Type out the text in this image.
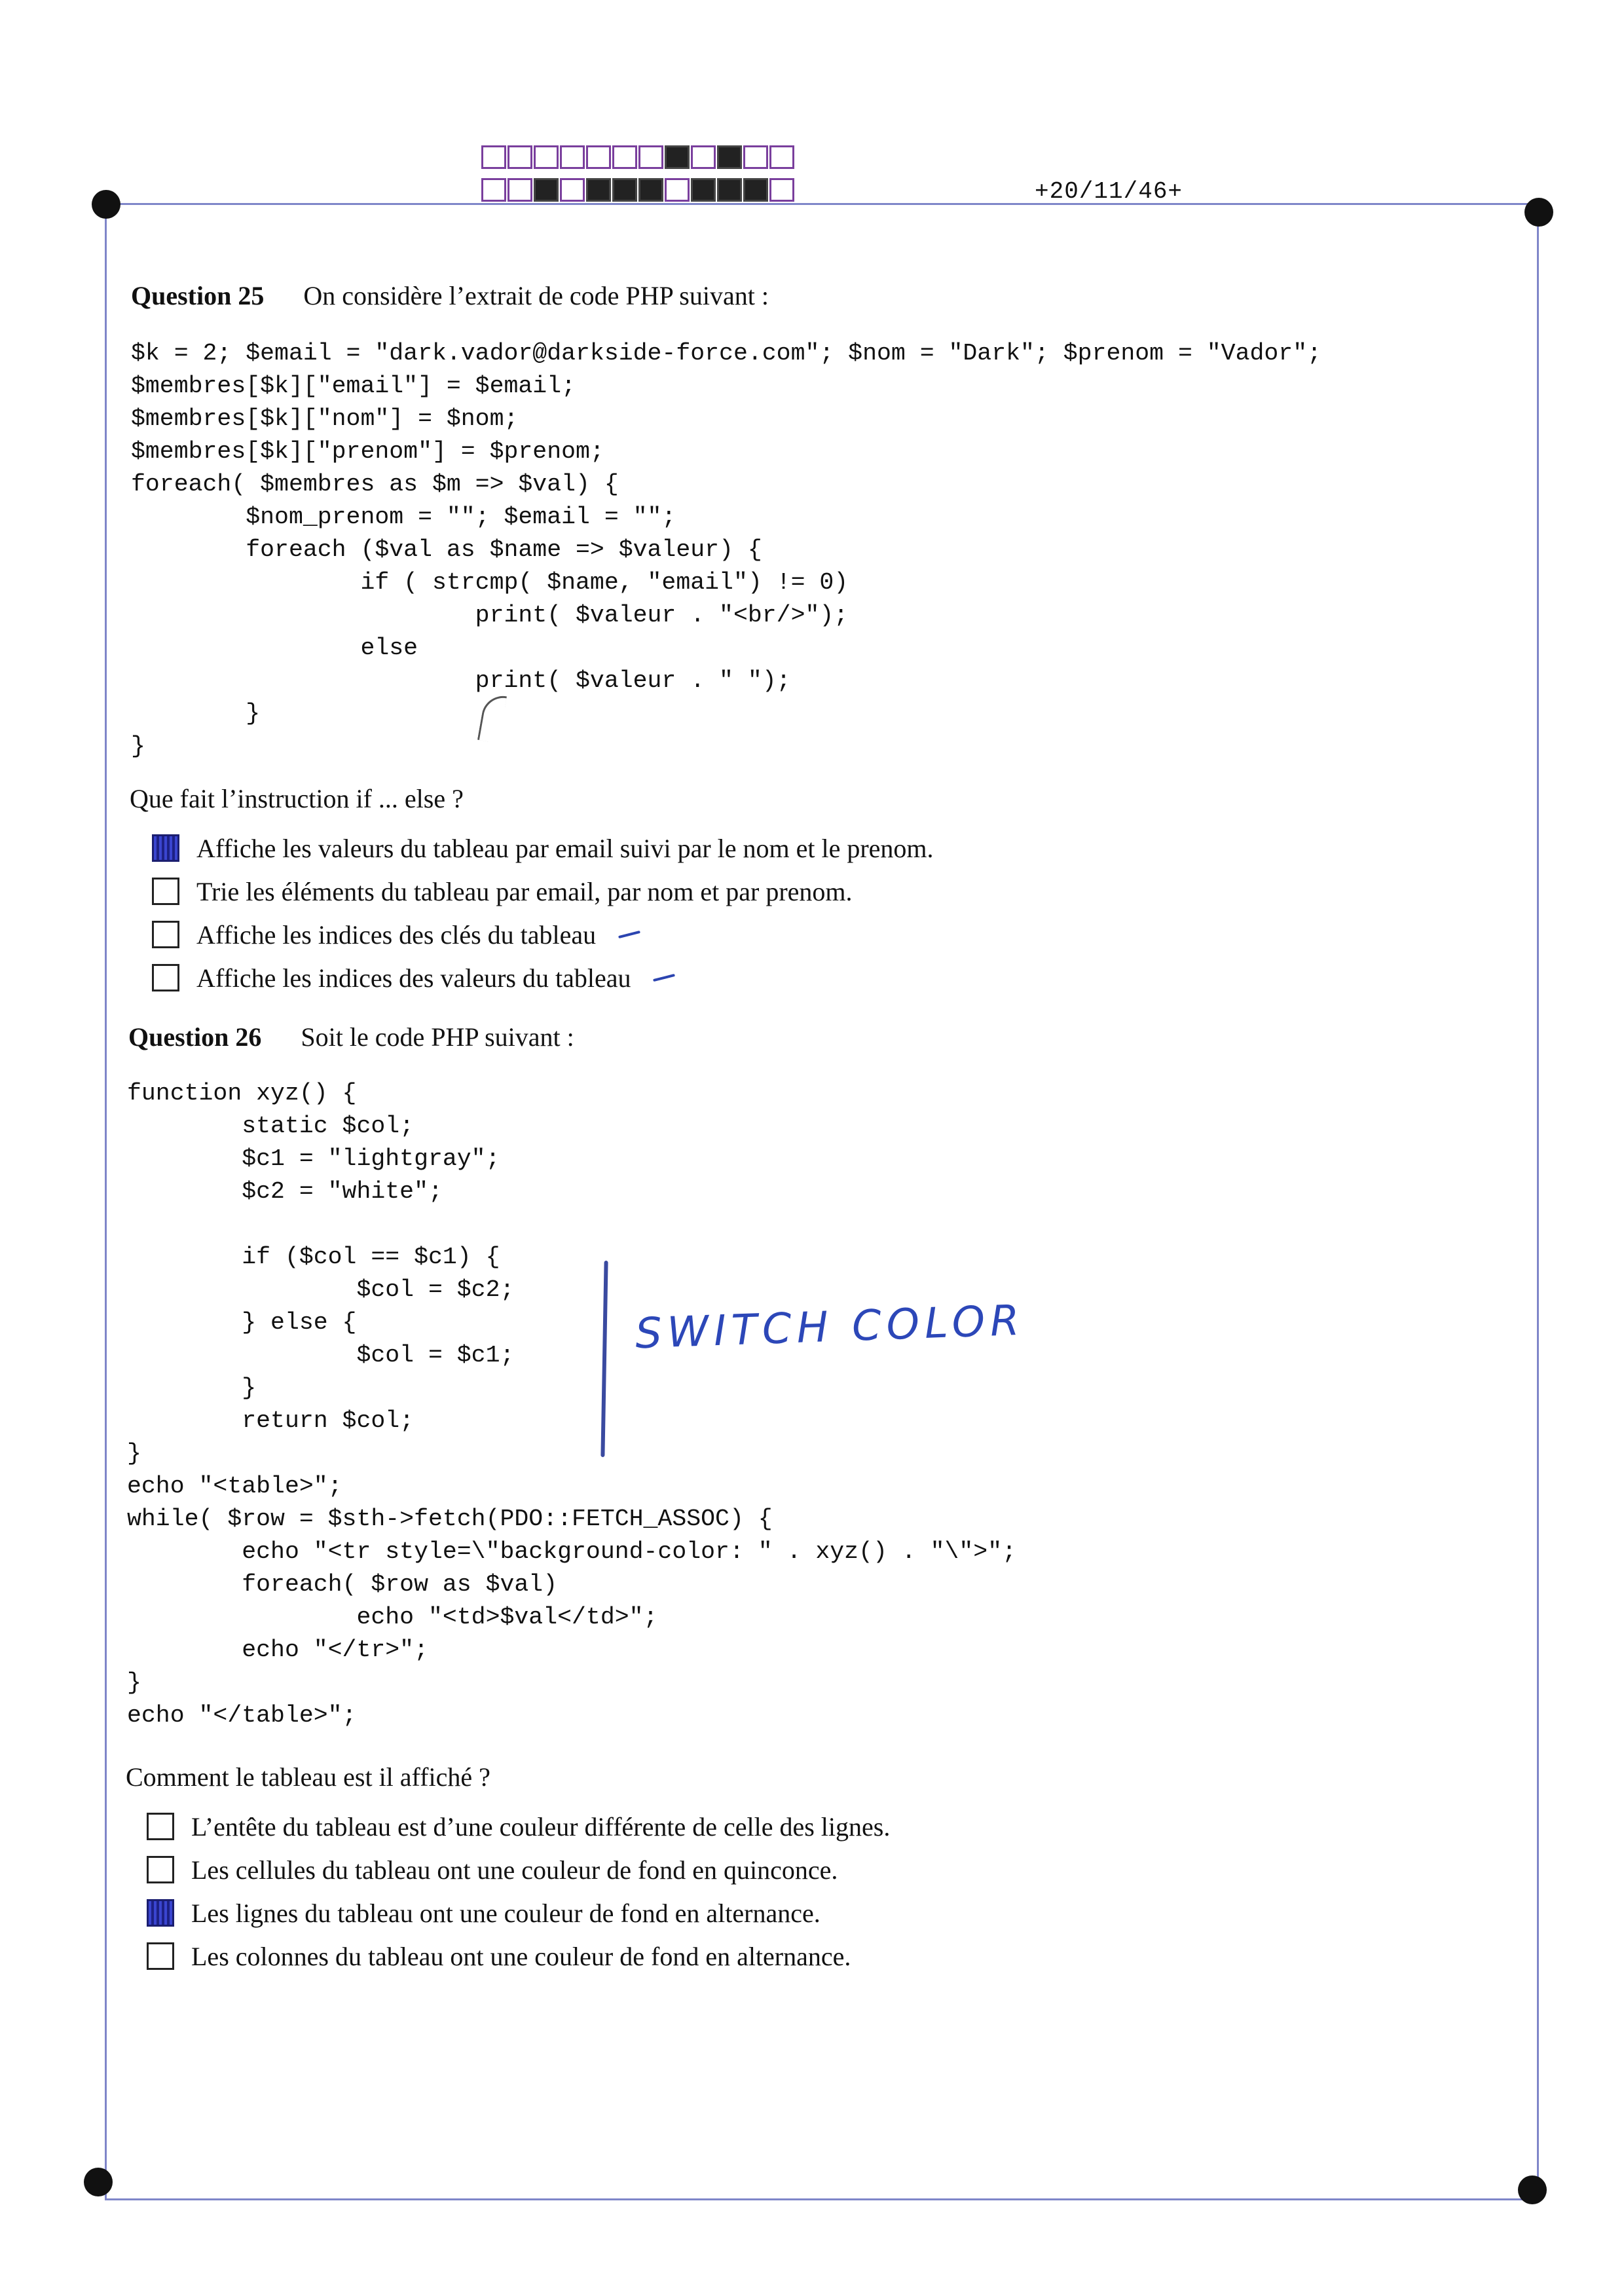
+20/11/46+
Question 25 On considère l’extrait de code PHP suivant :
$k = 2; $email = "dark.vador@darkside-force.com"; $nom = "Dark"; $prenom = "Vador";
$membres[$k]["email"] = $email;
$membres[$k]["nom"] = $nom;
$membres[$k]["prenom"] = $prenom;
foreach( $membres as $m => $val) {
$nom_prenom = ""; $email = "";
foreach ($val as $name => $valeur) {
if ( strcmp( $name, "email") != 0)
print( $valeur . "<br/>");
else
print( $valeur . " ");
}
}
Que fait l’instruction if ... else ?
Affiche les valeurs du tableau par email suivi par le nom et le prenom.
Trie les éléments du tableau par email, par nom et par prenom.
Affiche les indices des clés du tableau
Affiche les indices des valeurs du tableau
Question 26 Soit le code PHP suivant :
function xyz() {
static $col;
$c1 = "lightgray";
$c2 = "white";

if ($col == $c1) {
$col = $c2;
} else {
$col = $c1;
}
return $col;
}
echo "<table>";
while( $row = $sth->fetch(PDO::FETCH_ASSOC) {
echo "<tr style=\"background-color: " . xyz() . "\">";
foreach( $row as $val)
echo "<td>$val</td>";
echo "</tr>";
}
echo "</table>";
SWITCH COLOR
Comment le tableau est il affiché ?
L’entête du tableau est d’une couleur différente de celle des lignes.
Les cellules du tableau ont une couleur de fond en quinconce.
Les lignes du tableau ont une couleur de fond en alternance.
Les colonnes du tableau ont une couleur de fond en alternance.
